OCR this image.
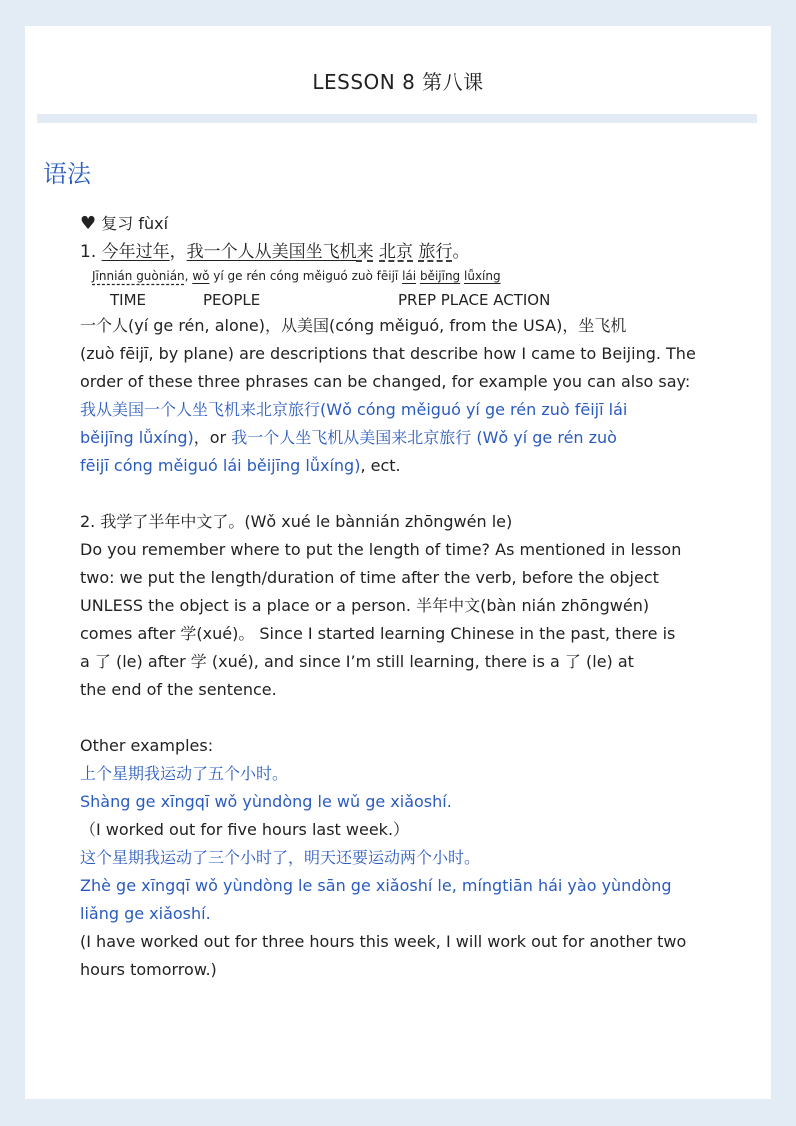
LESSON 8 第八课
语法
♥ 复习 fùxí
1. 今年过年，我一个人从美国坐飞机来 北京 旅行。
Jīnnián guònián, wǒ yí ge rén cóng měiguó zuò fēijī lái běijīng lǚxíng
TIME	PEOPLE	PREP PLACE ACTION
一个人(yí ge rén, alone)，从美国(cóng měiguó, from the USA)，坐飞机
(zuò fēijī, by plane) are descriptions that describe how I came to Beijing. The
order of these three phrases can be changed, for example you can also say:
我从美国一个人坐飞机来北京旅行(Wǒ cóng měiguó yí ge rén zuò fēijī lái
běijīng lǚxíng)，or 我一个人坐飞机从美国来北京旅行 (Wǒ yí ge rén zuò
fēijī cóng měiguó lái běijīng lǚxíng), ect.
2. 我学了半年中文了。(Wǒ xué le bànnián zhōngwén le)
Do you remember where to put the length of time? As mentioned in lesson
two: we put the length/duration of time after the verb, before the object
UNLESS the object is a place or a person. 半年中文(bàn nián zhōngwén)
comes after 学(xué)。 Since I started learning Chinese in the past, there is
a 了 (le) after 学 (xué), and since I’m still learning, there is a 了 (le) at
the end of the sentence.
Other examples:
上个星期我运动了五个小时。
Shàng ge xīngqī wǒ yùndòng le wǔ ge xiǎoshí.
（I worked out for five hours last week.）
这个星期我运动了三个小时了，明天还要运动两个小时。
Zhè ge xīngqī wǒ yùndòng le sān ge xiǎoshí le, míngtiān hái yào yùndòng
liǎng ge xiǎoshí.
(I have worked out for three hours this week, I will work out for another two
hours tomorrow.)
